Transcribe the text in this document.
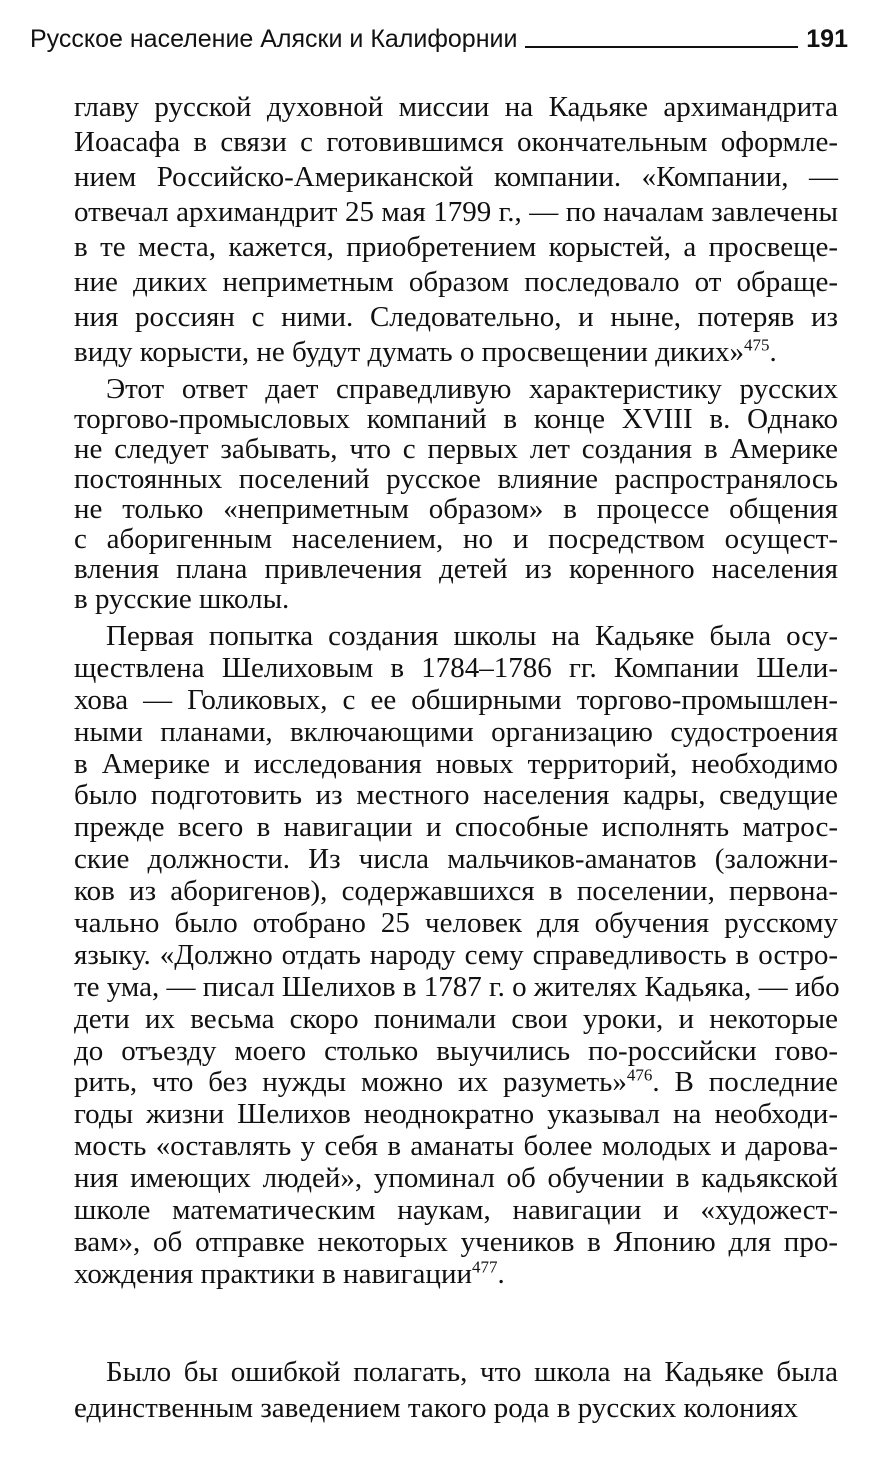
Русское население Аляски и Калифорнии	191
главу русской духовной миссии на Кадьяке архимандрита
Иоасафа в связи с готовившимся окончательным оформле-
нием Российско-Американской компании. «Компании, —
отвечал архимандрит 25 мая 1799 г., — по началам завлечены
в те места, кажется, приобретением корыстей, а просвеще-
ние диких неприметным образом последовало от обраще-
ния россиян с ними. Следовательно, и ныне, потеряв из
виду корысти, не будут думать о просвещении диких»$^{475}$.
Этот ответ дает справедливую характеристику русских
торгово-промысловых компаний в конце XVIII в. Однако
не следует забывать, что с первых лет создания в Америке
постоянных поселений русское влияние распространялось
не только «неприметным образом» в процессе общения
с аборигенным населением, но и посредством осущест-
вления плана привлечения детей из коренного населения
в русские школы.
Первая попытка создания школы на Кадьяке была осу-
ществлена Шелиховым в 1784–1786 гг. Компании Шели-
хова — Голиковых, с ее обширными торгово-промышлен-
ными планами, включающими организацию судостроения
в Америке и исследования новых территорий, необходимо
было подготовить из местного населения кадры, сведущие
прежде всего в навигации и способные исполнять матрос-
ские должности. Из числа мальчиков-аманатов (заложни-
ков из аборигенов), содержавшихся в поселении, первона-
чально было отобрано 25 человек для обучения русскому
языку. «Должно отдать народу сему справедливость в остро-
те ума, — писал Шелихов в 1787 г. о жителях Кадьяка, — ибо
дети их весьма скоро понимали свои уроки, и некоторые
до отъезду моего столько выучились по-российски гово-
рить, что без нужды можно их разуметь»$^{476}$. В последние
годы жизни Шелихов неоднократно указывал на необходи-
мость «оставлять у себя в аманаты более молодых и дарова-
ния имеющих людей», упоминал об обучении в кадьякской
школе математическим наукам, навигации и «художест-
вам», об отправке некоторых учеников в Японию для про-
хождения практики в навигации$^{477}$.
Было бы ошибкой полагать, что школа на Кадьяке была
единственным заведением такого рода в русских колониях
